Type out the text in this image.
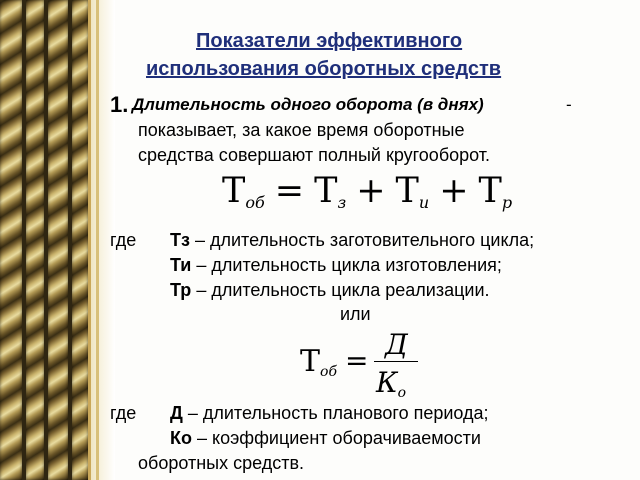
Показатели эффективного
использования оборотных средств
1. Длительность одного оборота (в днях)	-
показывает, за какое время оборотные
средства совершают полный кругооборот.
$Т_{об} = Т_з + Т_и + Т_р$
где Тз – длительность заготовительного цикла;
Ти – длительность цикла изготовления;
Тр – длительность цикла реализации.
или
$Т_{об} = Д$
$К_о$
где Д – длительность планового периода;
Ко – коэффициент оборачиваемости
оборотных средств.
